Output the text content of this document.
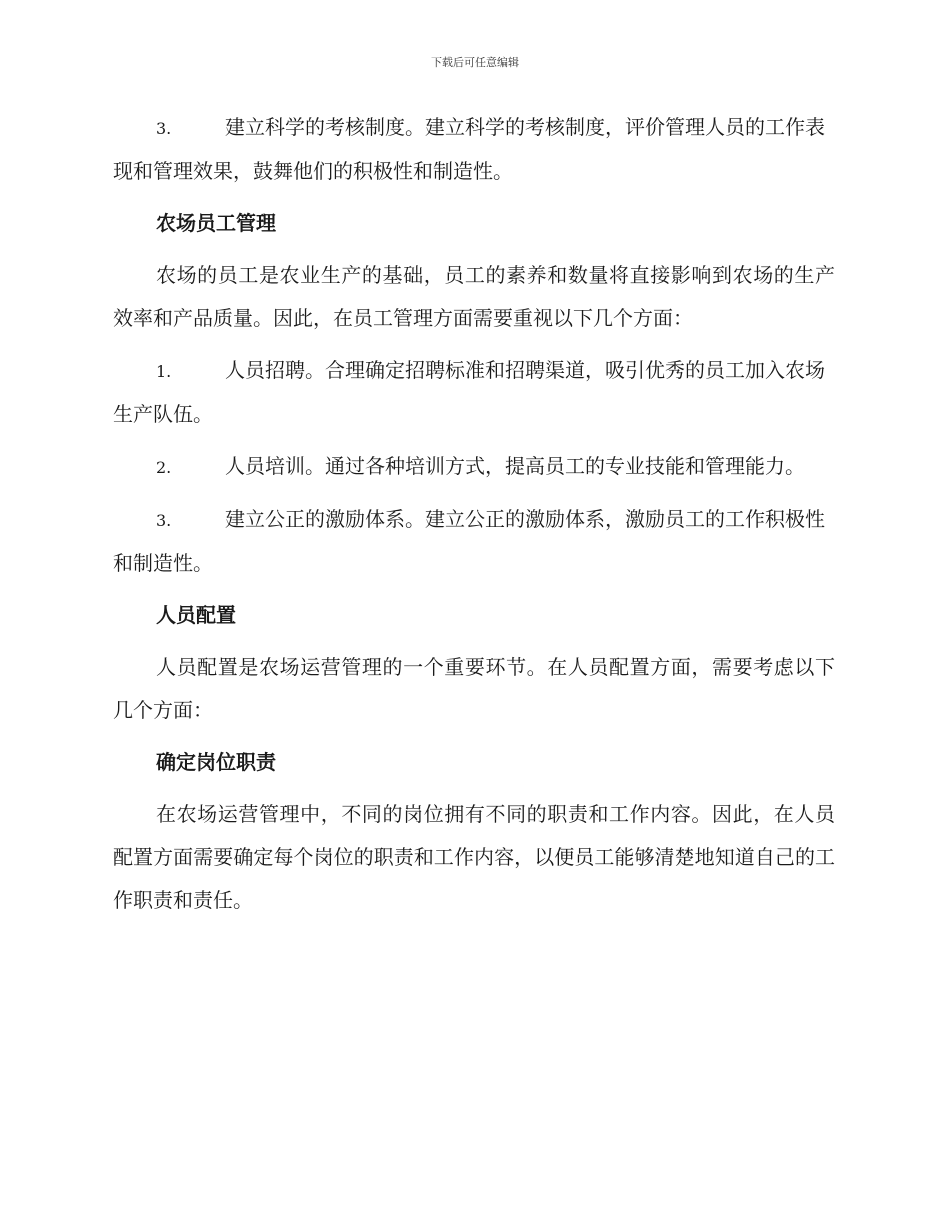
下载后可任意编辑

3.	建立科学的考核制度。建立科学的考核制度，评价管理人员的工作表现和管理效果，鼓舞他们的积极性和制造性。

农场员工管理

农场的员工是农业生产的基础，员工的素养和数量将直接影响到农场的生产效率和产品质量。因此，在员工管理方面需要重视以下几个方面：

1.	人员招聘。合理确定招聘标准和招聘渠道，吸引优秀的员工加入农场生产队伍。

2.	人员培训。通过各种培训方式，提高员工的专业技能和管理能力。

3.	建立公正的激励体系。建立公正的激励体系，激励员工的工作积极性和制造性。

人员配置

人员配置是农场运营管理的一个重要环节。在人员配置方面，需要考虑以下几个方面：

确定岗位职责

在农场运营管理中，不同的岗位拥有不同的职责和工作内容。因此，在人员配置方面需要确定每个岗位的职责和工作内容，以便员工能够清楚地知道自己的工作职责和责任。
